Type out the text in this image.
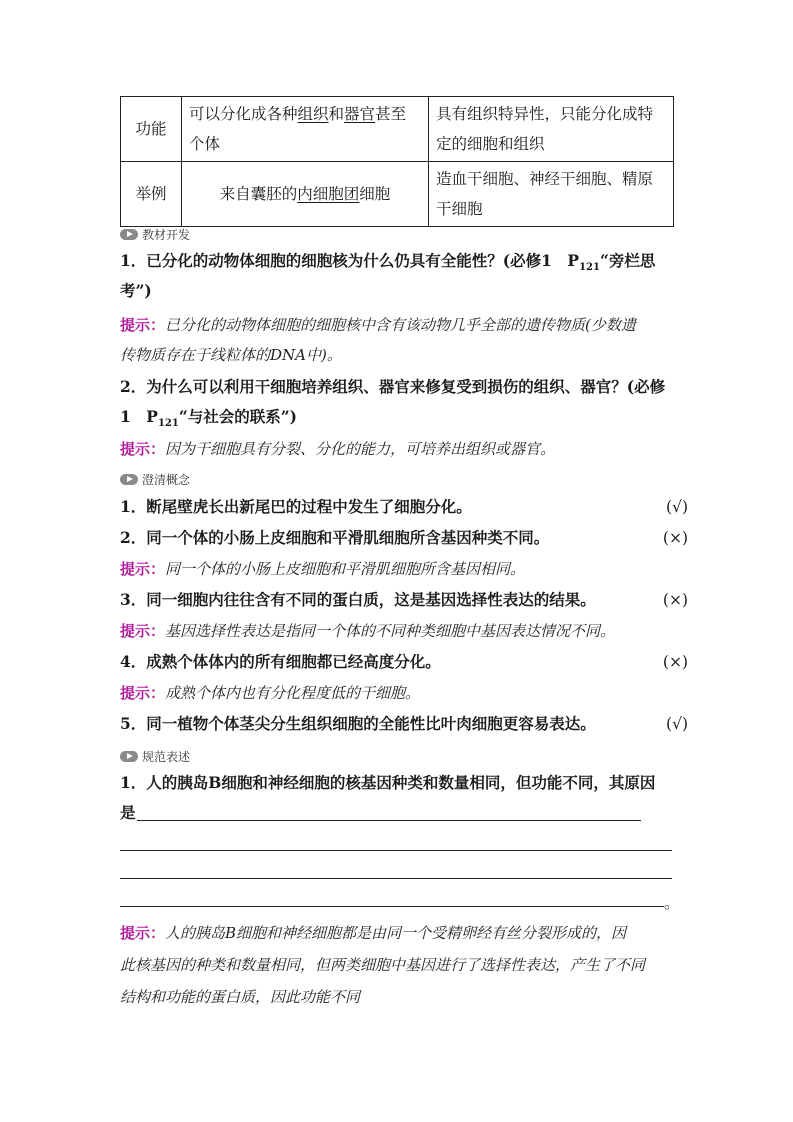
功能	可以分化成各种组织和器官甚至个体	具有组织特异性，只能分化成特定的细胞和组织
举例	来自囊胚的内细胞团细胞	造血干细胞、神经干细胞、精原干细胞
教材开发
1．已分化的动物体细胞的细胞核为什么仍具有全能性？(必修1　$P_{121}“$旁栏思
考”)
提示：已分化的动物体细胞的细胞核中含有该动物几乎全部的遗传物质(少数遗
传物质存在于线粒体的DNA中)。
2．为什么可以利用干细胞培养组织、器官来修复受到损伤的组织、器官？(必修
1　$P_{121}“$与社会的联系”)
提示：因为干细胞具有分裂、分化的能力，可培养出组织或器官。
澄清概念
1．断尾壁虎长出新尾巴的过程中发生了细胞分化。	(√)
2．同一个体的小肠上皮细胞和平滑肌细胞所含基因种类不同。	(×)
提示：同一个体的小肠上皮细胞和平滑肌细胞所含基因相同。
3．同一细胞内往往含有不同的蛋白质，这是基因选择性表达的结果。	(×)
提示：基因选择性表达是指同一个体的不同种类细胞中基因表达情况不同。
4．成熟个体体内的所有细胞都已经高度分化。	(×)
提示：成熟个体内也有分化程度低的干细胞。
5．同一植物个体茎尖分生组织细胞的全能性比叶肉细胞更容易表达。	(√)
规范表述
1．人的胰岛B细胞和神经细胞的核基因种类和数量相同，但功能不同，其原因
是
。
提示：人的胰岛B细胞和神经细胞都是由同一个受精卵经有丝分裂形成的，因
此核基因的种类和数量相同，但两类细胞中基因进行了选择性表达，产生了不同
结构和功能的蛋白质，因此功能不同
